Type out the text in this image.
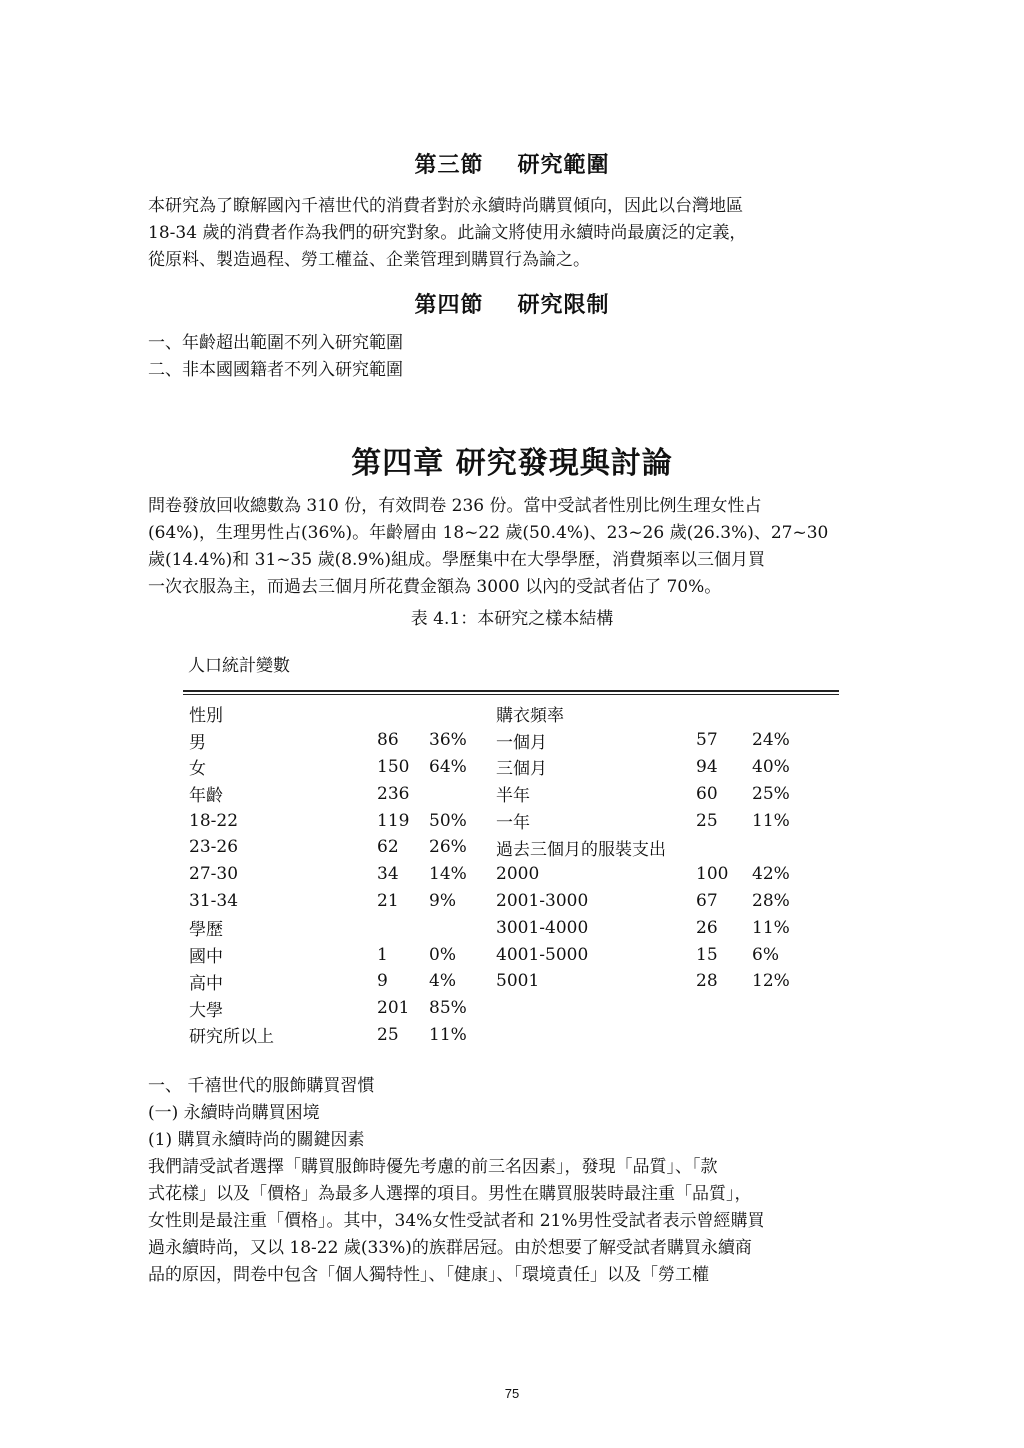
第三節 研究範圍
本研究為了瞭解國內千禧世代的消費者對於永續時尚購買傾向，因此以台灣地區
18-34 歲的消費者作為我們的研究對象。此論文將使用永續時尚最廣泛的定義，
從原料、製造過程、勞工權益、企業管理到購買行為論之。
第四節 研究限制
一、年齡超出範圍不列入研究範圍
二、非本國國籍者不列入研究範圍
第四章 研究發現與討論
問卷發放回收總數為 310 份，有效問卷 236 份。當中受試者性別比例生理女性占
(64%)，生理男性占(36%)。年齡層由 18~22 歲(50.4%)、23~26 歲(26.3%)、27~30
歲(14.4%)和 31~35 歲(8.9%)組成。學歷集中在大學學歷，消費頻率以三個月買
一次衣服為主，而過去三個月所花費金額為 3000 以內的受試者佔了 70%。
表 4.1：本研究之樣本結構
人口統計變數
性別			購衣頻率		
男	86	36%	一個月	57	24%
女	150	64%	三個月	94	40%
年齡	236		半年	60	25%
18-22	119	50%	一年	25	11%
23-26	62	26%	過去三個月的服裝支出		
27-30	34	14%	2000	100	42%
31-34	21	9%	2001-3000	67	28%
學歷			3001-4000	26	11%
國中	1	0%	4001-5000	15	6%
高中	9	4%	5001	28	12%
大學	201	85%			
研究所以上	25	11%			
一、 千禧世代的服飾購買習慣
(一) 永續時尚購買困境
(1) 購買永續時尚的關鍵因素
我們請受試者選擇「購買服飾時優先考慮的前三名因素」，發現「品質」、「款
式花樣」以及「價格」為最多人選擇的項目。男性在購買服裝時最注重「品質」，
女性則是最注重「價格」。其中，34%女性受試者和 21%男性受試者表示曾經購買
過永續時尚，又以 18-22 歲(33%)的族群居冠。由於想要了解受試者購買永續商
品的原因，問卷中包含「個人獨特性」、「健康」、「環境責任」以及「勞工權
75
